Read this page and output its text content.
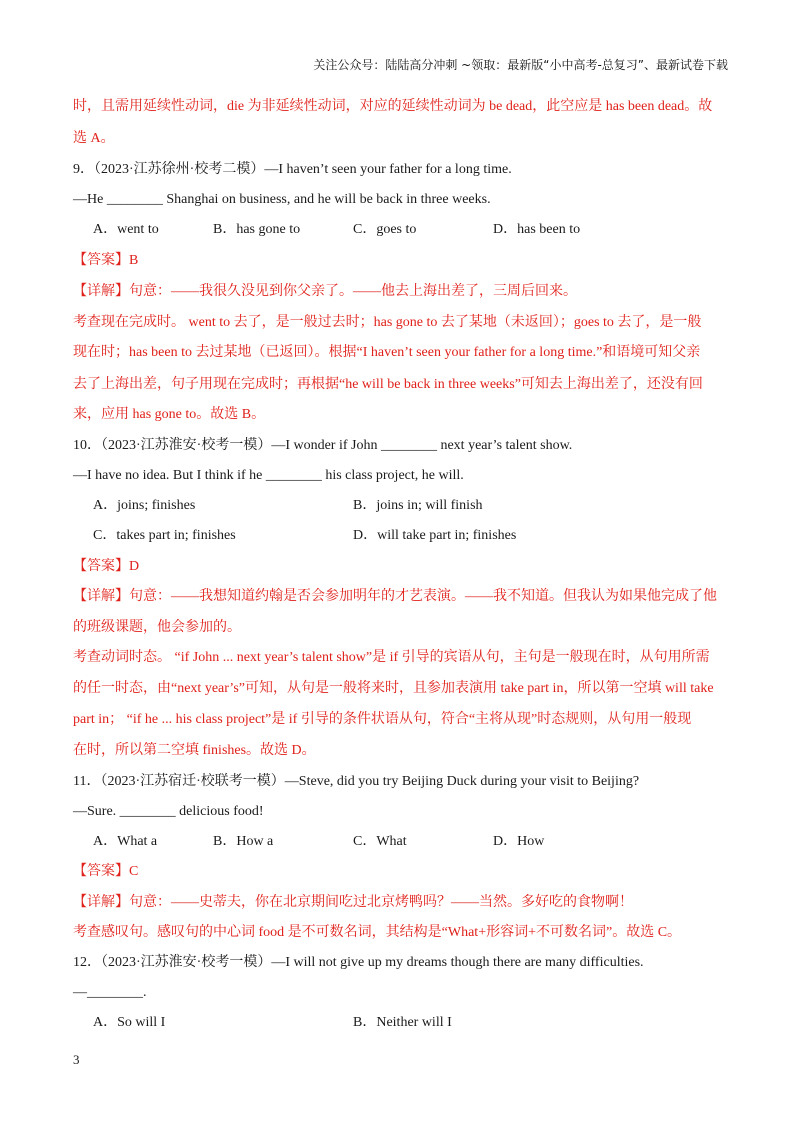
关注公众号：陆陆高分冲刺 ~领取：最新版“小中高考-总复习”、最新试卷下载
时，且需用延续性动词，die 为非延续性动词，对应的延续性动词为 be dead，此空应是 has been dead。故
选 A。
9．（2023·江苏徐州·校考二模）—I haven’t seen your father for a long time.
—He ________ Shanghai on business, and he will be back in three weeks.
A．went to	B．has gone to	C．goes to	D．has been to
【答案】B
【详解】句意：——我很久没见到你父亲了。——他去上海出差了，三周后回来。
考查现在完成时。 went to 去了，是一般过去时；has gone to 去了某地（未返回）；goes to 去了，是一般
现在时；has been to 去过某地（已返回）。根据“I haven’t seen your father for a long time.”和语境可知父亲
去了上海出差，句子用现在完成时；再根据“he will be back in three weeks”可知去上海出差了，还没有回
来，应用 has gone to。故选 B。
10．（2023·江苏淮安·校考一模）—I wonder if John ________ next year’s talent show.
—I have no idea. But I think if he ________ his class project, he will.
A．joins; finishes	B．joins in; will finish
C．takes part in; finishes	D．will take part in; finishes
【答案】D
【详解】句意：——我想知道约翰是否会参加明年的才艺表演。——我不知道。但我认为如果他完成了他
的班级课题，他会参加的。
考查动词时态。 “if John ... next year’s talent show”是 if 引导的宾语从句，主句是一般现在时，从句用所需
的任一时态，由“next year’s”可知，从句是一般将来时，且参加表演用 take part in，所以第一空填 will take
part in； “if he ... his class project”是 if 引导的条件状语从句，符合“主将从现”时态规则，从句用一般现
在时，所以第二空填 finishes。故选 D。
11．（2023·江苏宿迁·校联考一模）—Steve, did you try Beijing Duck during your visit to Beijing?
—Sure. ________ delicious food!
A．What a	B．How a	C．What	D．How
【答案】C
【详解】句意：——史蒂夫，你在北京期间吃过北京烤鸭吗？——当然。多好吃的食物啊！
考查感叹句。感叹句的中心词 food 是不可数名词，其结构是“What+形容词+不可数名词”。故选 C。
12．（2023·江苏淮安·校考一模）—I will not give up my dreams though there are many difficulties.
—________.
A．So will I	B．Neither will I
3
